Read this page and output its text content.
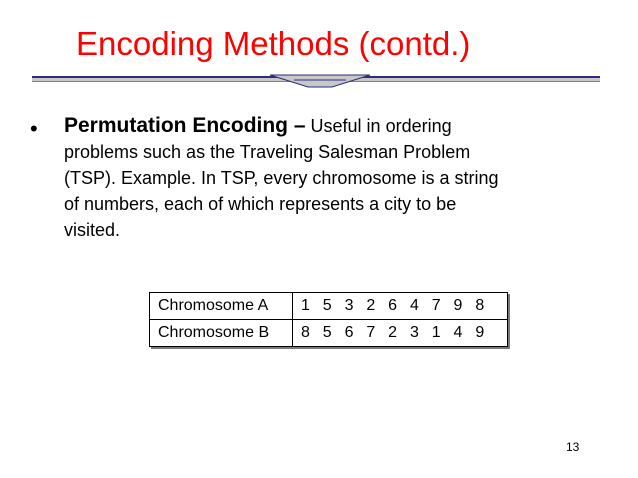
Encoding Methods (contd.)
• Permutation Encoding – Useful in ordering
problems such as the Traveling Salesman Problem
(TSP). Example. In TSP, every chromosome is a string
of numbers, each of which represents a city to be
visited.
Chromosome A	1  5  3  2  6  4  7  9  8
Chromosome B	8  5  6  7  2  3  1  4  9
13
